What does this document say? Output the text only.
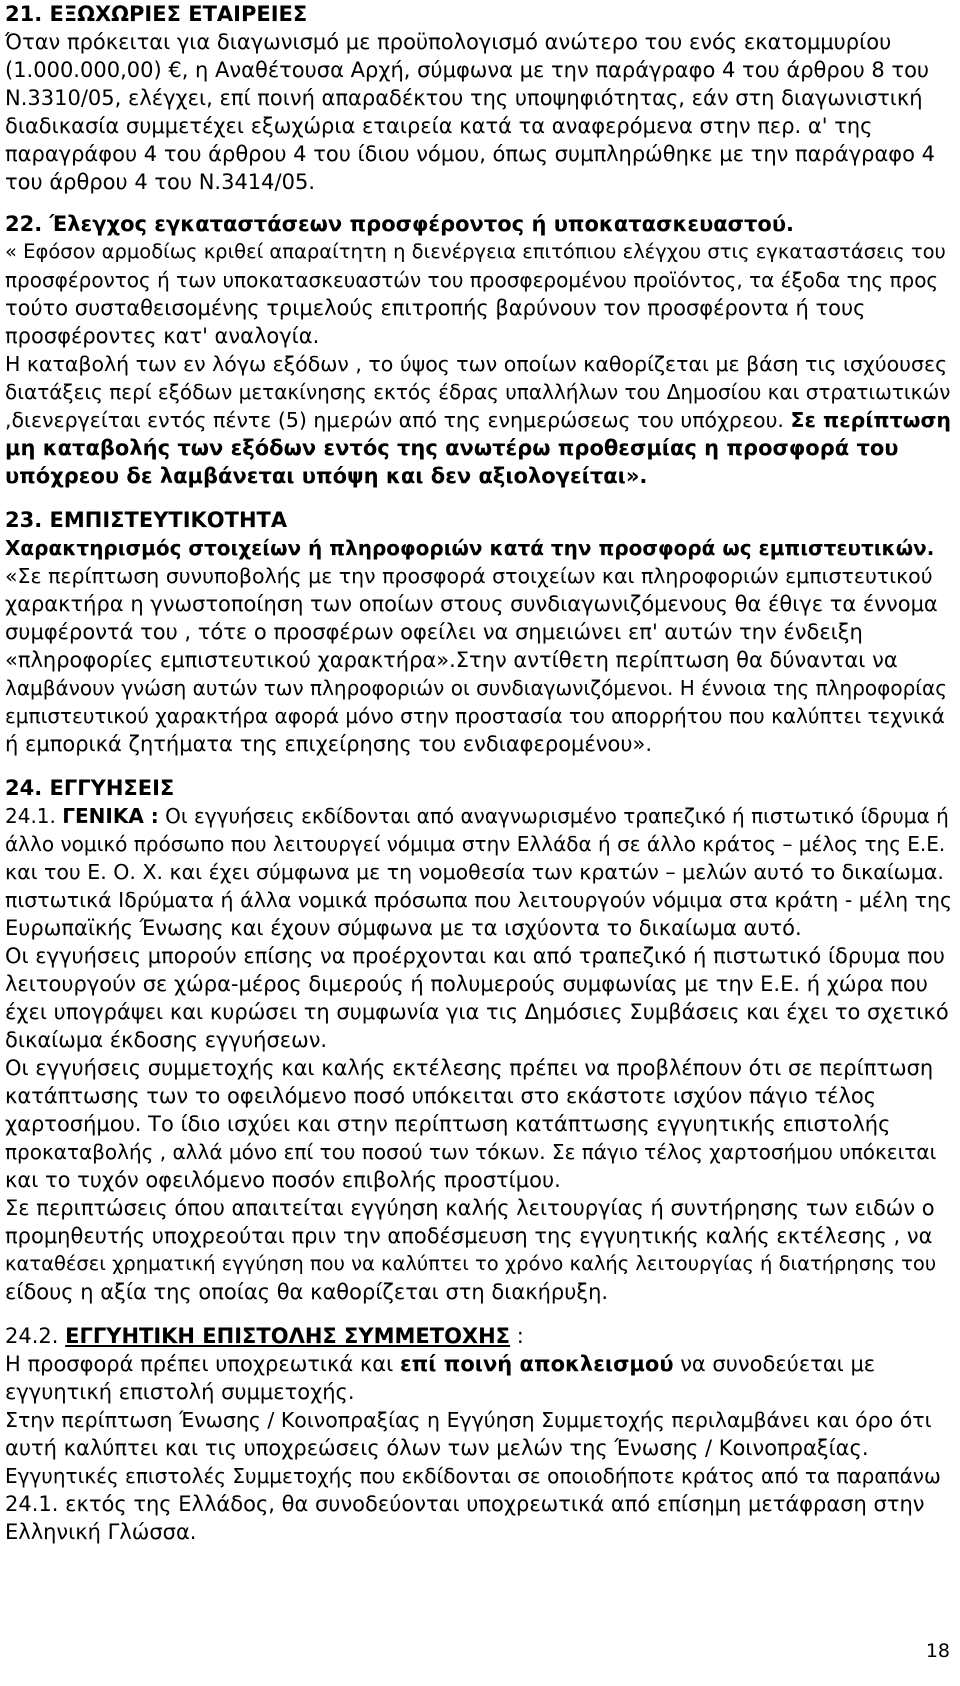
21. ΕΞΩΧΩΡΙΕΣ ΕΤΑΙΡΕΙΕΣ
Όταν πρόκειται για διαγωνισμό με προϋπολογισμό ανώτερο του ενός εκατομμυρίου
(1.000.000,00) €, η Αναθέτουσα Αρχή, σύμφωνα με την παράγραφο 4 του άρθρου 8 του
Ν.3310/05, ελέγχει, επί ποινή απαραδέκτου της υποψηφιότητας, εάν στη διαγωνιστική
διαδικασία συμμετέχει εξωχώρια εταιρεία κατά τα αναφερόμενα στην περ. α' της
παραγράφου 4 του άρθρου 4 του ίδιου νόμου, όπως συμπληρώθηκε με την παράγραφο 4
του άρθρου 4 του Ν.3414/05.
22. Έλεγχος εγκαταστάσεων προσφέροντος ή υποκατασκευαστού.
« Εφόσον αρμοδίως κριθεί απαραίτητη η διενέργεια επιτόπιου ελέγχου στις εγκαταστάσεις του
προσφέροντος ή των υποκατασκευαστών του προσφερομένου προϊόντος, τα έξοδα της προς
τούτο συσταθεισομένης τριμελούς επιτροπής βαρύνουν τον προσφέροντα ή τους
προσφέροντες κατ' αναλογία.
Η καταβολή των εν λόγω εξόδων , το ύψος των οποίων καθορίζεται με βάση τις ισχύουσες
διατάξεις περί εξόδων μετακίνησης εκτός έδρας υπαλλήλων του Δημοσίου και στρατιωτικών
,διενεργείται εντός πέντε (5) ημερών από της ενημερώσεως του υπόχρεου. Σε περίπτωση
μη καταβολής των εξόδων εντός της ανωτέρω προθεσμίας η προσφορά του
υπόχρεου δε λαμβάνεται υπόψη και δεν αξιολογείται».
23. ΕΜΠΙΣΤΕΥΤΙΚΟΤΗΤΑ
Χαρακτηρισμός στοιχείων ή πληροφοριών κατά την προσφορά ως εμπιστευτικών.
«Σε περίπτωση συνυποβολής με την προσφορά στοιχείων και πληροφοριών εμπιστευτικού
χαρακτήρα η γνωστοποίηση των οποίων στους συνδιαγωνιζόμενους θα έθιγε τα έννομα
συμφέροντά του , τότε ο προσφέρων οφείλει να σημειώνει επ' αυτών την ένδειξη
«πληροφορίες εμπιστευτικού χαρακτήρα».Στην αντίθετη περίπτωση θα δύνανται να
λαμβάνουν γνώση αυτών των πληροφοριών οι συνδιαγωνιζόμενοι. Η έννοια της πληροφορίας
εμπιστευτικού χαρακτήρα αφορά μόνο στην προστασία του απορρήτου που καλύπτει τεχνικά
ή εμπορικά ζητήματα της επιχείρησης του ενδιαφερομένου».
24. ΕΓΓΥΗΣΕΙΣ
24.1. ΓΕΝΙΚΑ : Οι εγγυήσεις εκδίδονται από αναγνωρισμένο τραπεζικό ή πιστωτικό ίδρυμα ή
άλλο νομικό πρόσωπο που λειτουργεί νόμιμα στην Ελλάδα ή σε άλλο κράτος – μέλος της Ε.Ε.
και του Ε. Ο. Χ. και έχει σύμφωνα με τη νομοθεσία των κρατών – μελών αυτό το δικαίωμα.
πιστωτικά Ιδρύματα ή άλλα νομικά πρόσωπα που λειτουργούν νόμιμα στα κράτη - μέλη της
Ευρωπαϊκής Ένωσης και έχουν σύμφωνα με τα ισχύοντα το δικαίωμα αυτό.
Οι εγγυήσεις μπορούν επίσης να προέρχονται και από τραπεζικό ή πιστωτικό ίδρυμα που
λειτουργούν σε χώρα-μέρος διμερούς ή πολυμερούς συμφωνίας με την Ε.Ε. ή χώρα που
έχει υπογράψει και κυρώσει τη συμφωνία για τις Δημόσιες Συμβάσεις και έχει το σχετικό
δικαίωμα έκδοσης εγγυήσεων.
Οι εγγυήσεις συμμετοχής και καλής εκτέλεσης πρέπει να προβλέπουν ότι σε περίπτωση
κατάπτωσης των το οφειλόμενο ποσό υπόκειται στο εκάστοτε ισχύον πάγιο τέλος
χαρτοσήμου. Το ίδιο ισχύει και στην περίπτωση κατάπτωσης εγγυητικής επιστολής
προκαταβολής , αλλά μόνο επί του ποσού των τόκων. Σε πάγιο τέλος χαρτοσήμου υπόκειται
και το τυχόν οφειλόμενο ποσόν επιβολής προστίμου.
Σε περιπτώσεις όπου απαιτείται εγγύηση καλής λειτουργίας ή συντήρησης των ειδών ο
προμηθευτής υποχρεούται πριν την αποδέσμευση της εγγυητικής καλής εκτέλεσης , να
καταθέσει χρηματική εγγύηση που να καλύπτει το χρόνο καλής λειτουργίας ή διατήρησης του
είδους η αξία της οποίας θα καθορίζεται στη διακήρυξη.
24.2. ΕΓΓΥΗΤΙΚΗ ΕΠΙΣΤΟΛΗΣ ΣΥΜΜΕΤΟΧΗΣ :
Η προσφορά πρέπει υποχρεωτικά και επί ποινή αποκλεισμού να συνοδεύεται με
εγγυητική επιστολή συμμετοχής.
Στην περίπτωση Ένωσης / Κοινοπραξίας η Εγγύηση Συμμετοχής περιλαμβάνει και όρο ότι
αυτή καλύπτει και τις υποχρεώσεις όλων των μελών της Ένωσης / Κοινοπραξίας.
Εγγυητικές επιστολές Συμμετοχής που εκδίδονται σε οποιοδήποτε κράτος από τα παραπάνω
24.1. εκτός της Ελλάδος, θα συνοδεύονται υποχρεωτικά από επίσημη μετάφραση στην
Ελληνική Γλώσσα.
18
